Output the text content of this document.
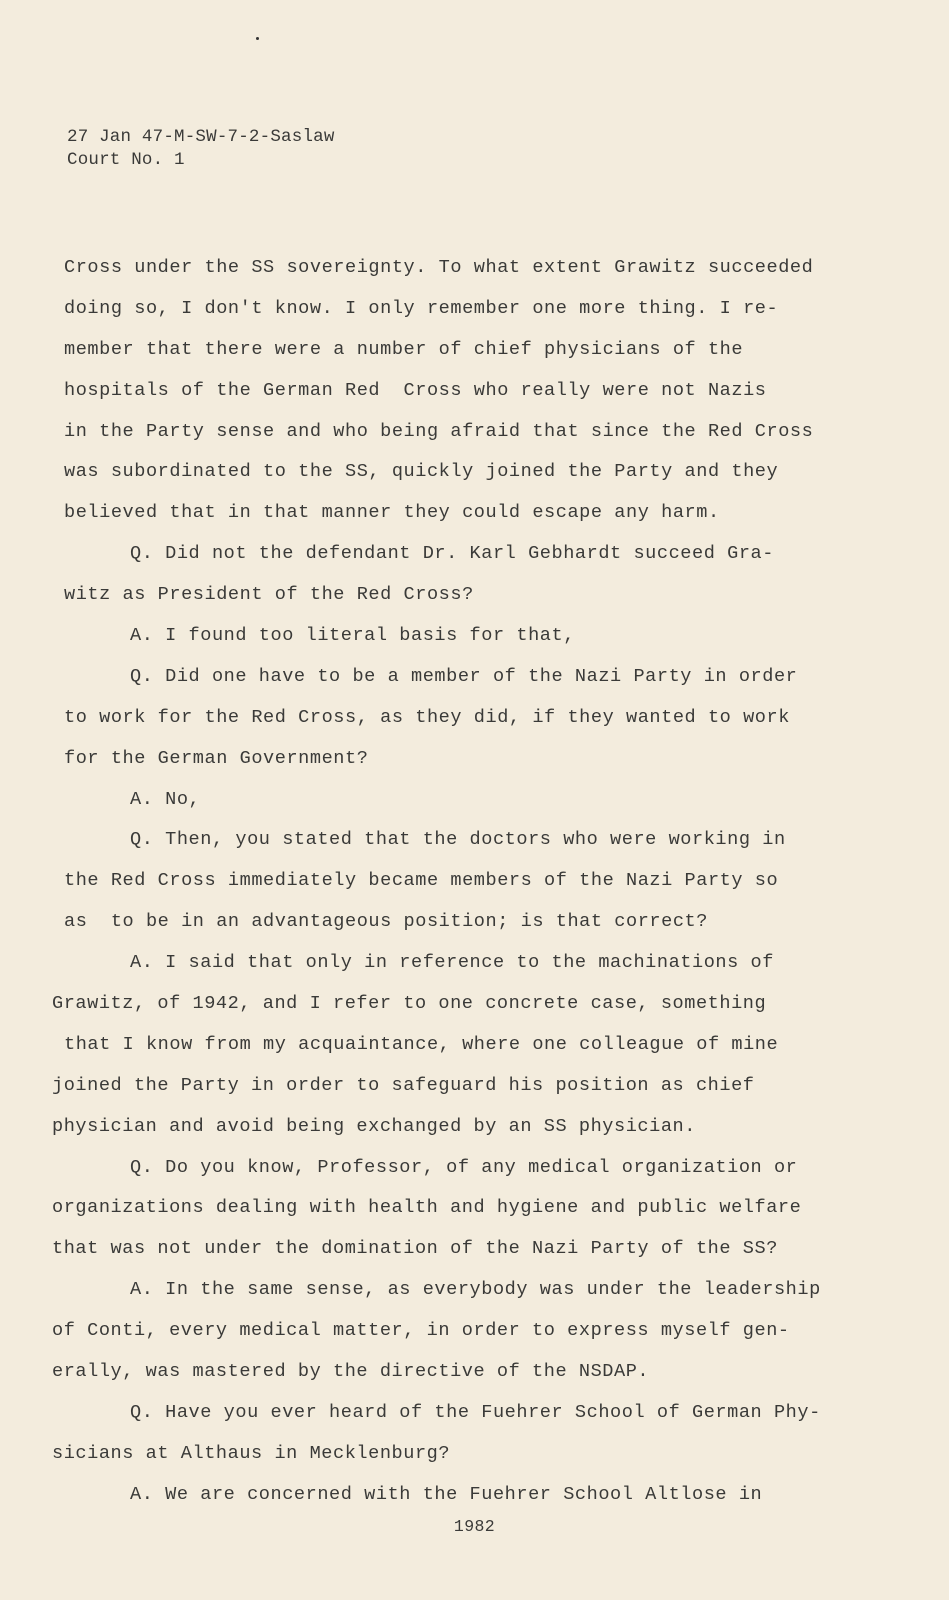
27 Jan 47-M-SW-7-2-Saslaw
Court No. 1
Cross under the SS sovereignty. To what extent Grawitz succeeded
doing so, I don't know. I only remember one more thing. I re-
member that there were a number of chief physicians of the
hospitals of the German Red  Cross who really were not Nazis
in the Party sense and who being afraid that since the Red Cross
was subordinated to the SS, quickly joined the Party and they
believed that in that manner they could escape any harm.
Q. Did not the defendant Dr. Karl Gebhardt succeed Gra-
witz as President of the Red Cross?
A. I found too literal basis for that,
Q. Did one have to be a member of the Nazi Party in order
to work for the Red Cross, as they did, if they wanted to work
for the German Government?
A. No,
Q. Then, you stated that the doctors who were working in
the Red Cross immediately became members of the Nazi Party so
as  to be in an advantageous position; is that correct?
A. I said that only in reference to the machinations of
Grawitz, of 1942, and I refer to one concrete case, something
that I know from my acquaintance, where one colleague of mine
joined the Party in order to safeguard his position as chief
physician and avoid being exchanged by an SS physician.
Q. Do you know, Professor, of any medical organization or
organizations dealing with health and hygiene and public welfare
that was not under the domination of the Nazi Party of the SS?
A. In the same sense, as everybody was under the leadership
of Conti, every medical matter, in order to express myself gen-
erally, was mastered by the directive of the NSDAP.
Q. Have you ever heard of the Fuehrer School of German Phy-
sicians at Althaus in Mecklenburg?
A. We are concerned with the Fuehrer School Altlose in
1982
